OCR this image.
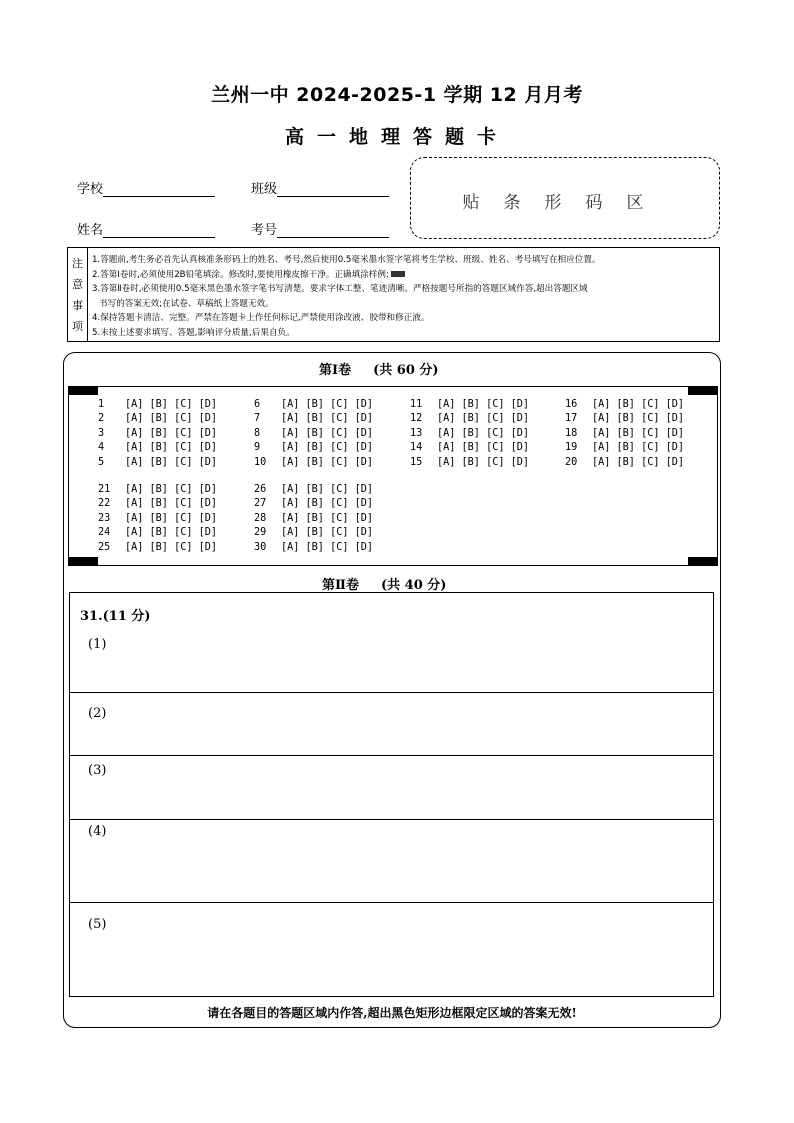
兰州一中 2024-2025-1 学期 12 月月考
高一地理答题卡
学校	班级
姓名	考号
贴条形码区
注
意
事
项
1.答题前,考生务必首先认真核准条形码上的姓名、考号,然后使用0.5毫米墨水签字笔将考生学校、班级、姓名、考号填写在相应位置。
2.答第Ⅰ卷时,必须使用2B铅笔填涂。修改时,要使用橡皮擦干净。正确填涂样例:
3.答第Ⅱ卷时,必须使用0.5毫米黑色墨水签字笔书写清楚。要求字体工整、笔迹清晰。严格按题号所指的答题区域作答,超出答题区域
书写的答案无效;在试卷、草稿纸上答题无效。
4.保持答题卡清洁、完整。严禁在答题卡上作任何标记,严禁使用涂改液、胶带和修正液。
5.未按上述要求填写、答题,影响评分质量,后果自负。
第Ⅰ卷 (共 60 分)
1 [A] [B] [C] [D]
2 [A] [B] [C] [D]
3 [A] [B] [C] [D]
4 [A] [B] [C] [D]
5 [A] [B] [C] [D]
6 [A] [B] [C] [D]
7 [A] [B] [C] [D]
8 [A] [B] [C] [D]
9 [A] [B] [C] [D]
10 [A] [B] [C] [D]
11 [A] [B] [C] [D]
12 [A] [B] [C] [D]
13 [A] [B] [C] [D]
14 [A] [B] [C] [D]
15 [A] [B] [C] [D]
16 [A] [B] [C] [D]
17 [A] [B] [C] [D]
18 [A] [B] [C] [D]
19 [A] [B] [C] [D]
20 [A] [B] [C] [D]
21 [A] [B] [C] [D]
22 [A] [B] [C] [D]
23 [A] [B] [C] [D]
24 [A] [B] [C] [D]
25 [A] [B] [C] [D]
26 [A] [B] [C] [D]
27 [A] [B] [C] [D]
28 [A] [B] [C] [D]
29 [A] [B] [C] [D]
30 [A] [B] [C] [D]
第Ⅱ卷 (共 40 分)
31.(11 分)
(1)
(2)
(3)
(4)
(5)
请在各题目的答题区域内作答,超出黑色矩形边框限定区域的答案无效!
